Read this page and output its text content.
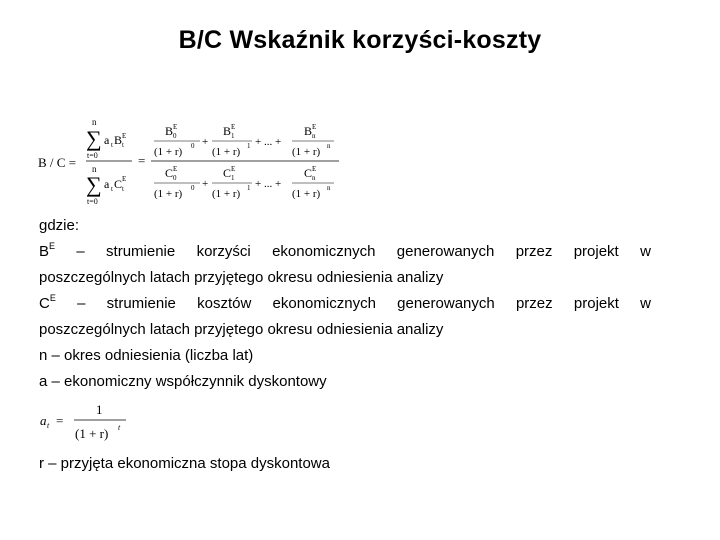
B/C Wskaźnik korzyści-koszty
B / C =
n
∑
t=0
a t B t
E
n
∑
t=0
a t C t
E
=
B 0
E
(1 + r) 0 +
B 1
E
(1 + r) 1 + ... +
B n
E
(1 + r) n
C 0
E
(1 + r) 0 +
C 1
E
(1 + r) 1 + ... +
C n
E
(1 + r) n
gdzie:
$B^E$ – strumienie korzyści ekonomicznych generowanych przez projekt w
poszczególnych latach przyjętego okresu odniesienia analizy
$C^E$ – strumienie kosztów ekonomicznych generowanych przez projekt w
poszczególnych latach przyjętego okresu odniesienia analizy
n – okres odniesienia (liczba lat)
a – ekonomiczny współczynnik dyskontowy
a t =
1
(1 + r) t
r – przyjęta ekonomiczna stopa dyskontowa
